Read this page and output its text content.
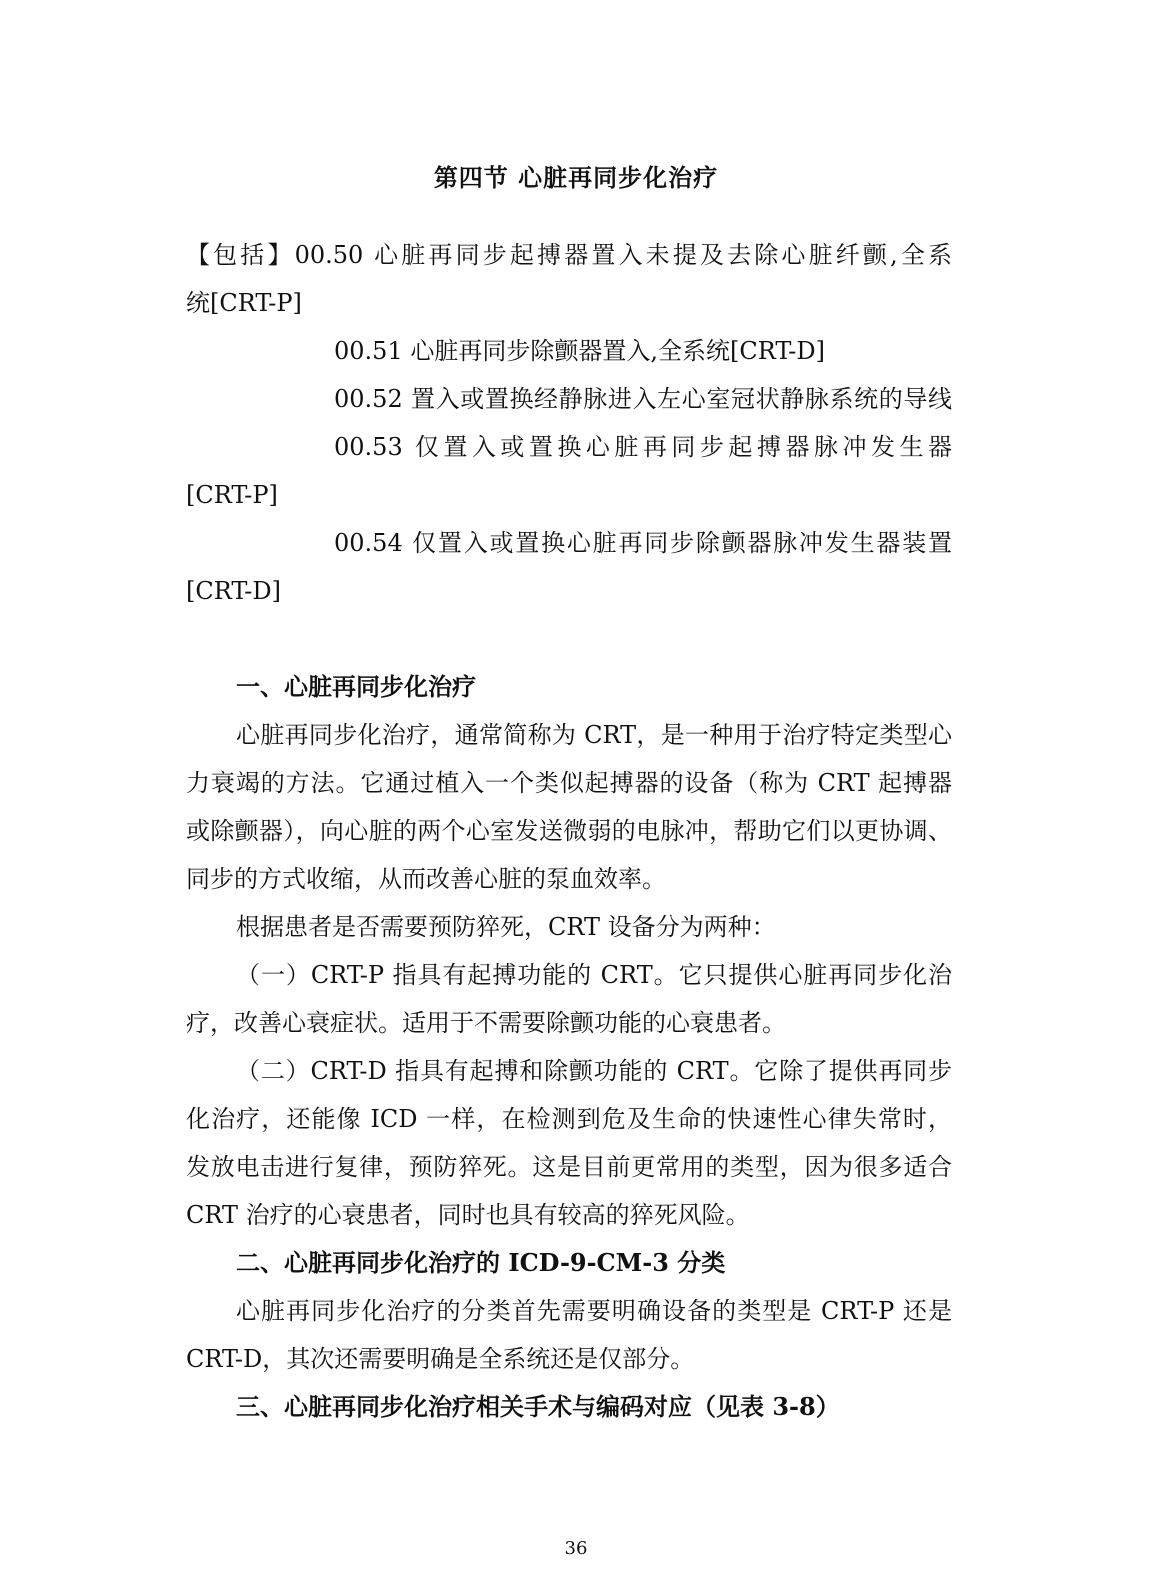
第四节 心脏再同步化治疗
【包括】00.50 心脏再同步起搏器置入未提及去除心脏纤颤,全系
统[CRT-P]
00.51 心脏再同步除颤器置入,全系统[CRT-D]
00.52 置入或置换经静脉进入左心室冠状静脉系统的导线
00.53 仅置入或置换心脏再同步起搏器脉冲发生器
[CRT-P]
00.54 仅置入或置换心脏再同步除颤器脉冲发生器装置
[CRT-D]
一、心脏再同步化治疗
心脏再同步化治疗，通常简称为 CRT，是一种用于治疗特定类型心
力衰竭的方法。它通过植入一个类似起搏器的设备（称为 CRT 起搏器
或除颤器），向心脏的两个心室发送微弱的电脉冲，帮助它们以更协调、
同步的方式收缩，从而改善心脏的泵血效率。
根据患者是否需要预防猝死，CRT 设备分为两种：
（一）CRT-P 指具有起搏功能的 CRT。它只提供心脏再同步化治
疗，改善心衰症状。适用于不需要除颤功能的心衰患者。
（二）CRT-D 指具有起搏和除颤功能的 CRT。它除了提供再同步
化治疗，还能像 ICD 一样，在检测到危及生命的快速性心律失常时，
发放电击进行复律，预防猝死。这是目前更常用的类型，因为很多适合
CRT 治疗的心衰患者，同时也具有较高的猝死风险。
二、心脏再同步化治疗的 ICD-9-CM-3 分类
心脏再同步化治疗的分类首先需要明确设备的类型是 CRT-P 还是
CRT-D，其次还需要明确是全系统还是仅部分。
三、心脏再同步化治疗相关手术与编码对应（见表 3-8）
36
